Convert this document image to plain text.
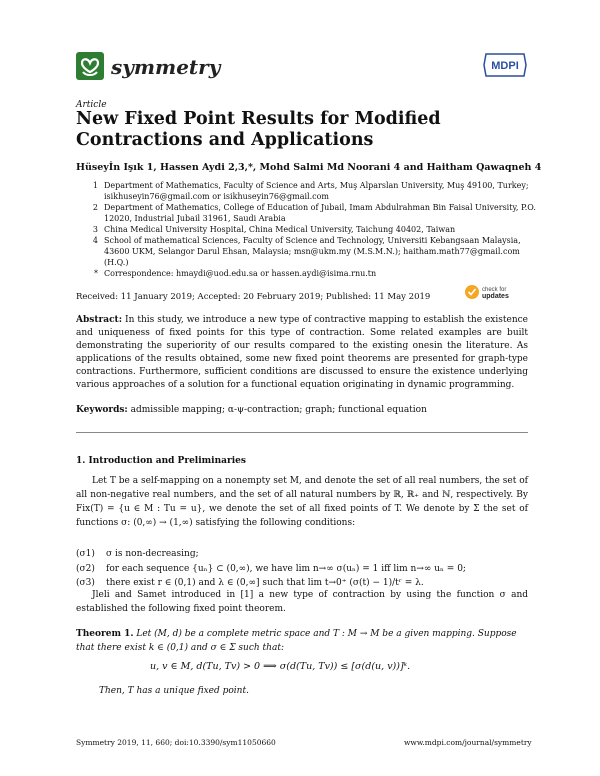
symmetry	MDPI
Article
New Fixed Point Results for Modified Contractions and Applications
Hüseyİn Işık 1, Hassen Aydi 2,3,*, Mohd Salmi Md Noorani 4 and Haitham Qawaqneh 4
1 Department of Mathematics, Faculty of Science and Arts, Muş Alparslan University, Muş 49100, Turkey; isikhuseyin76@gmail.com or isikhuseyin76@gmail.com
2 Department of Mathematics, College of Education of Jubail, Imam Abdulrahman Bin Faisal University, P.O. 12020, Industrial Jubail 31961, Saudi Arabia
3 China Medical University Hospital, China Medical University, Taichung 40402, Taiwan
4 School of mathematical Sciences, Faculty of Science and Technology, Universiti Kebangsaan Malaysia, 43600 UKM, Selangor Darul Ehsan, Malaysia; msn@ukm.my (M.S.M.N.); haitham.math77@gmail.com (H.Q.)
* Correspondence: hmaydi@uod.edu.sa or hassen.aydi@isima.rnu.tn
Received: 11 January 2019; Accepted: 20 February 2019; Published: 11 May 2019
check for
updates
Abstract: In this study, we introduce a new type of contractive mapping to establish the existence and uniqueness of fixed points for this type of contraction. Some related examples are built demonstrating the superiority of our results compared to the existing onesin the literature. As applications of the results obtained, some new fixed point theorems are presented for graph-type contractions. Furthermore, sufficient conditions are discussed to ensure the existence underlying various approaches of a solution for a functional equation originating in dynamic programming.
Keywords: admissible mapping; α-ψ-contraction; graph; functional equation
1. Introduction and Preliminaries
Let T be a self-mapping on a nonempty set M, and denote the set of all real numbers, the set of all non-negative real numbers, and the set of all natural numbers by ℝ, ℝ₊ and ℕ, respectively. By Fix(T) = {u ∈ M : Tu = u}, we denote the set of all fixed points of T. We denote by Σ the set of functions σ: (0,∞) → (1,∞) satisfying the following conditions:
(σ1)	σ is non-decreasing;
(σ2)	for each sequence {uₙ} ⊂ (0,∞), we have lim n→∞ σ(uₙ) = 1 iff lim n→∞ uₙ = 0;
(σ3)	there exist r ∈ (0,1) and λ ∈ (0,∞] such that lim t→0⁺ (σ(t) − 1)/tʳ = λ.
Jleli and Samet introduced in [1] a new type of contraction by using the function σ and established the following fixed point theorem.
Theorem 1. Let (M, d) be a complete metric space and T : M → M be a given mapping. Suppose that there exist k ∈ (0,1) and σ ∈ Σ such that:
u, v ∈ M, d(Tu, Tv) > 0 ⟹ σ(d(Tu, Tv)) ≤ [σ(d(u, v))]ᵏ.
Then, T has a unique fixed point.
Symmetry 2019, 11, 660; doi:10.3390/sym11050660	www.mdpi.com/journal/symmetry
